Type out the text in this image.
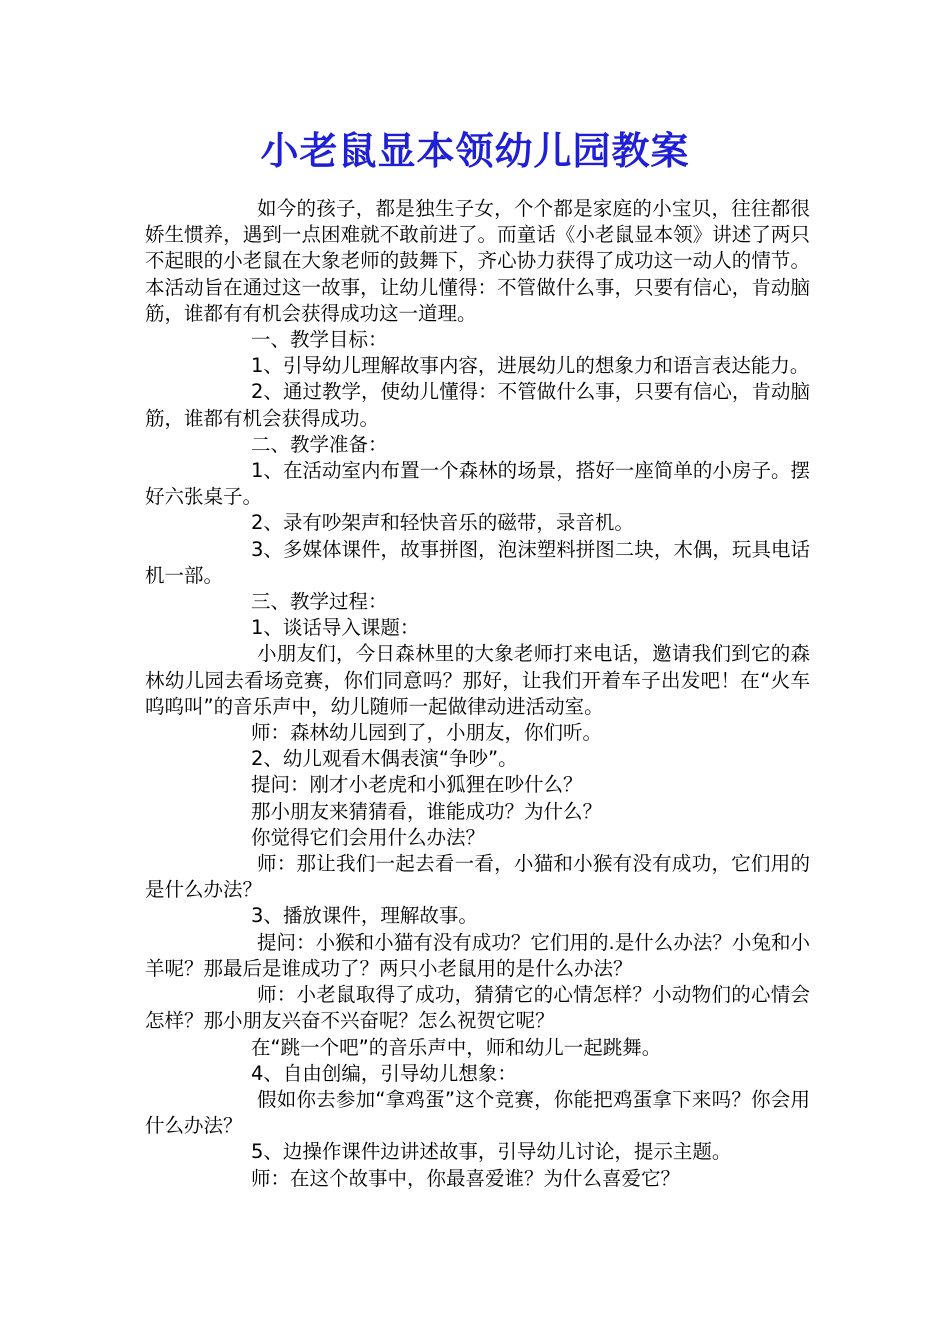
小老鼠显本领幼儿园教案

如今的孩子，都是独生子女，个个都是家庭的小宝贝，往往都很娇生惯养，遇到一点困难就不敢前进了。而童话《小老鼠显本领》讲述了两只不起眼的小老鼠在大象老师的鼓舞下，齐心协力获得了成功这一动人的情节。本活动旨在通过这一故事，让幼儿懂得：不管做什么事，只要有信心，肯动脑筋，谁都有有机会获得成功这一道理。

一、教学目标：

1、引导幼儿理解故事内容，进展幼儿的想象力和语言表达能力。

2、通过教学，使幼儿懂得：不管做什么事，只要有信心，肯动脑筋，谁都有机会获得成功。

二、教学准备：

1、在活动室内布置一个森林的场景，搭好一座简单的小房子。摆好六张桌子。

2、录有吵架声和轻快音乐的磁带，录音机。

3、多媒体课件，故事拼图，泡沫塑料拼图二块，木偶，玩具电话机一部。

三、教学过程：

1、谈话导入课题：

小朋友们，今日森林里的大象老师打来电话，邀请我们到它的森林幼儿园去看场竞赛，你们同意吗？那好，让我们开着车子出发吧！在“火车呜呜叫”的音乐声中，幼儿随师一起做律动进活动室。

师：森林幼儿园到了，小朋友，你们听。

2、幼儿观看木偶表演“争吵”。

提问：刚才小老虎和小狐狸在吵什么？

那小朋友来猜猜看，谁能成功？为什么？

你觉得它们会用什么办法？

师：那让我们一起去看一看，小猫和小猴有没有成功，它们用的是什么办法？

3、播放课件，理解故事。

提问：小猴和小猫有没有成功？它们用的.是什么办法？小兔和小羊呢？那最后是谁成功了？两只小老鼠用的是什么办法？

师：小老鼠取得了成功，猜猜它的心情怎样？小动物们的心情会怎样？那小朋友兴奋不兴奋呢？怎么祝贺它呢？

在“跳一个吧”的音乐声中，师和幼儿一起跳舞。

4、自由创编，引导幼儿想象：

假如你去参加“拿鸡蛋”这个竞赛，你能把鸡蛋拿下来吗？你会用什么办法？

5、边操作课件边讲述故事，引导幼儿讨论，提示主题。

师：在这个故事中，你最喜爱谁？为什么喜爱它？
